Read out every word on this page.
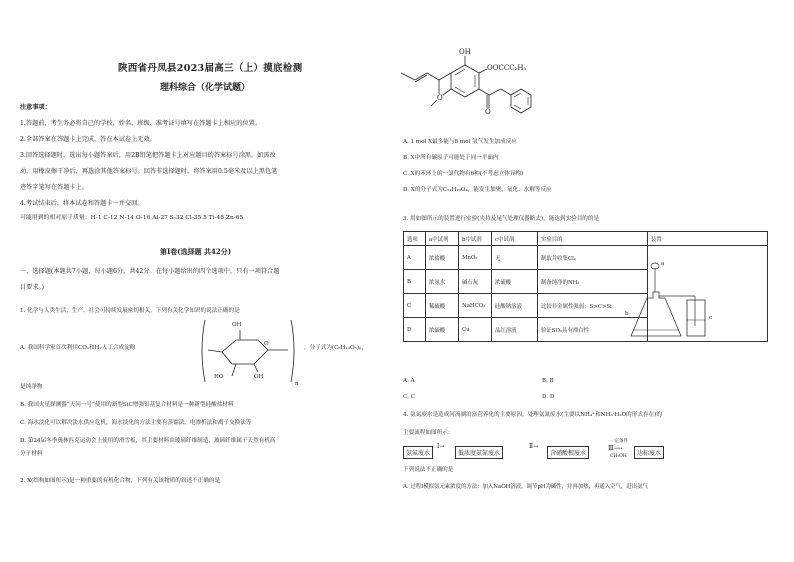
陕西省丹凤县2023届高三（上）摸底检测
理科综合（化学试题）
注意事项：
1.答题前，考生务必将自己的学校、姓名、班级、准考证号填写在答题卡上相应的位置。
2.全部答案在答题卡上完成，答在本试卷上无效。
3.回答选择题时，选出每小题答案后，用2B铅笔把答题卡上对应题目的答案标号涂黑。如需改
动，用橡皮擦干净后，再选涂其他答案标号。回答非选择题时，将答案用0.5毫米及以上黑色笔
迹签字笔写在答题卡上。
4.考试结束后，将本试卷和答题卡一并交回。
可能用到的相对原子质量：H-1 C-12 N-14 O-16 Al-27 S-32 Cl-35.5 Ti-48 Zn-65
第Ⅰ卷(选择题 共42分)
一、选择题(本题共7小题，每小题6分，共42分。在每小题给出的四个选项中，只有一项符合题
目要求。)
1. 化学与人类生活、生产、社会可持续发展密切相关。下列有关化学知识的说法正确的是
A. 我国科学家首次利用CO₂和H₂人工合成淀粉
OH
HO	OH
O
n
，分子式为(C₆H₁₀O₅)ₙ，
是纯净物
B. 我国火星探测器“天问一号”使用的新型SiC增强铝基复合材料是一种新型硅酸盐材料
C. 海水淡化可以解决淡水供应危机，海水淡化的方法主要有蒸馏法、电渗析法和离子交换法等
D. 第24届冬季奥林匹克运动会上使用的滑雪板，其主要材料由玻璃纤维制造，玻璃纤维属于天然有机高
分子材料
2. X(结构如图所示)是一种重要的有机化合物，下列有关该物质的叙述不正确的是
OH
OOCCC₂H₅
O
O
A. 1 mol X最多能与8 mol 氢气发生加成反应
B. X中所有碳原子可能处于同一平面内
C. X的苯环上的一氯代物有6种(不考虑立体异构)
D. X的分子式为C₂₁H₂₀O₄，能发生加聚、氧化、水解等反应
3. 用如图所示的装置进行实验(夹持及尾气处理仪器略去)，能达到实验目的的是
选项	a中试剂	b中试剂	c中试剂	实验目的	装置
A	浓盐酸	MnO₂	无	制取并收集Cl₂	
B	浓氨水	碱石灰	浓硫酸	制备纯净的NH₃	
C	稀硫酸	NaHCO₃	硅酸钠溶液	比较非金属性强弱：S>C>Si	
D	浓硫酸	Cu	品红溶液	验证SO₂具有漂白性	
a
b
c
A. A	B. B
C. C	D. D
4. 氨氮废水是造成河流湖泊富营养化的主要原因，处理氨氮废水(主要以NH₄⁺和NH₃·H₂O的形式存在)的
主要流程如图所示：
氨氮废水
Ⅰ→
低浓度氨氮废水
Ⅱ→
含硝酸根废水
一定条件
Ⅲ⟶
CH₃OH	达标废水
下列说法不正确的是
A. 过程Ⅰ模拟氨元素浓度的方法：加入NaOH溶液，调节pH为碱性，并再加热，再通入空气，赶出氨气
